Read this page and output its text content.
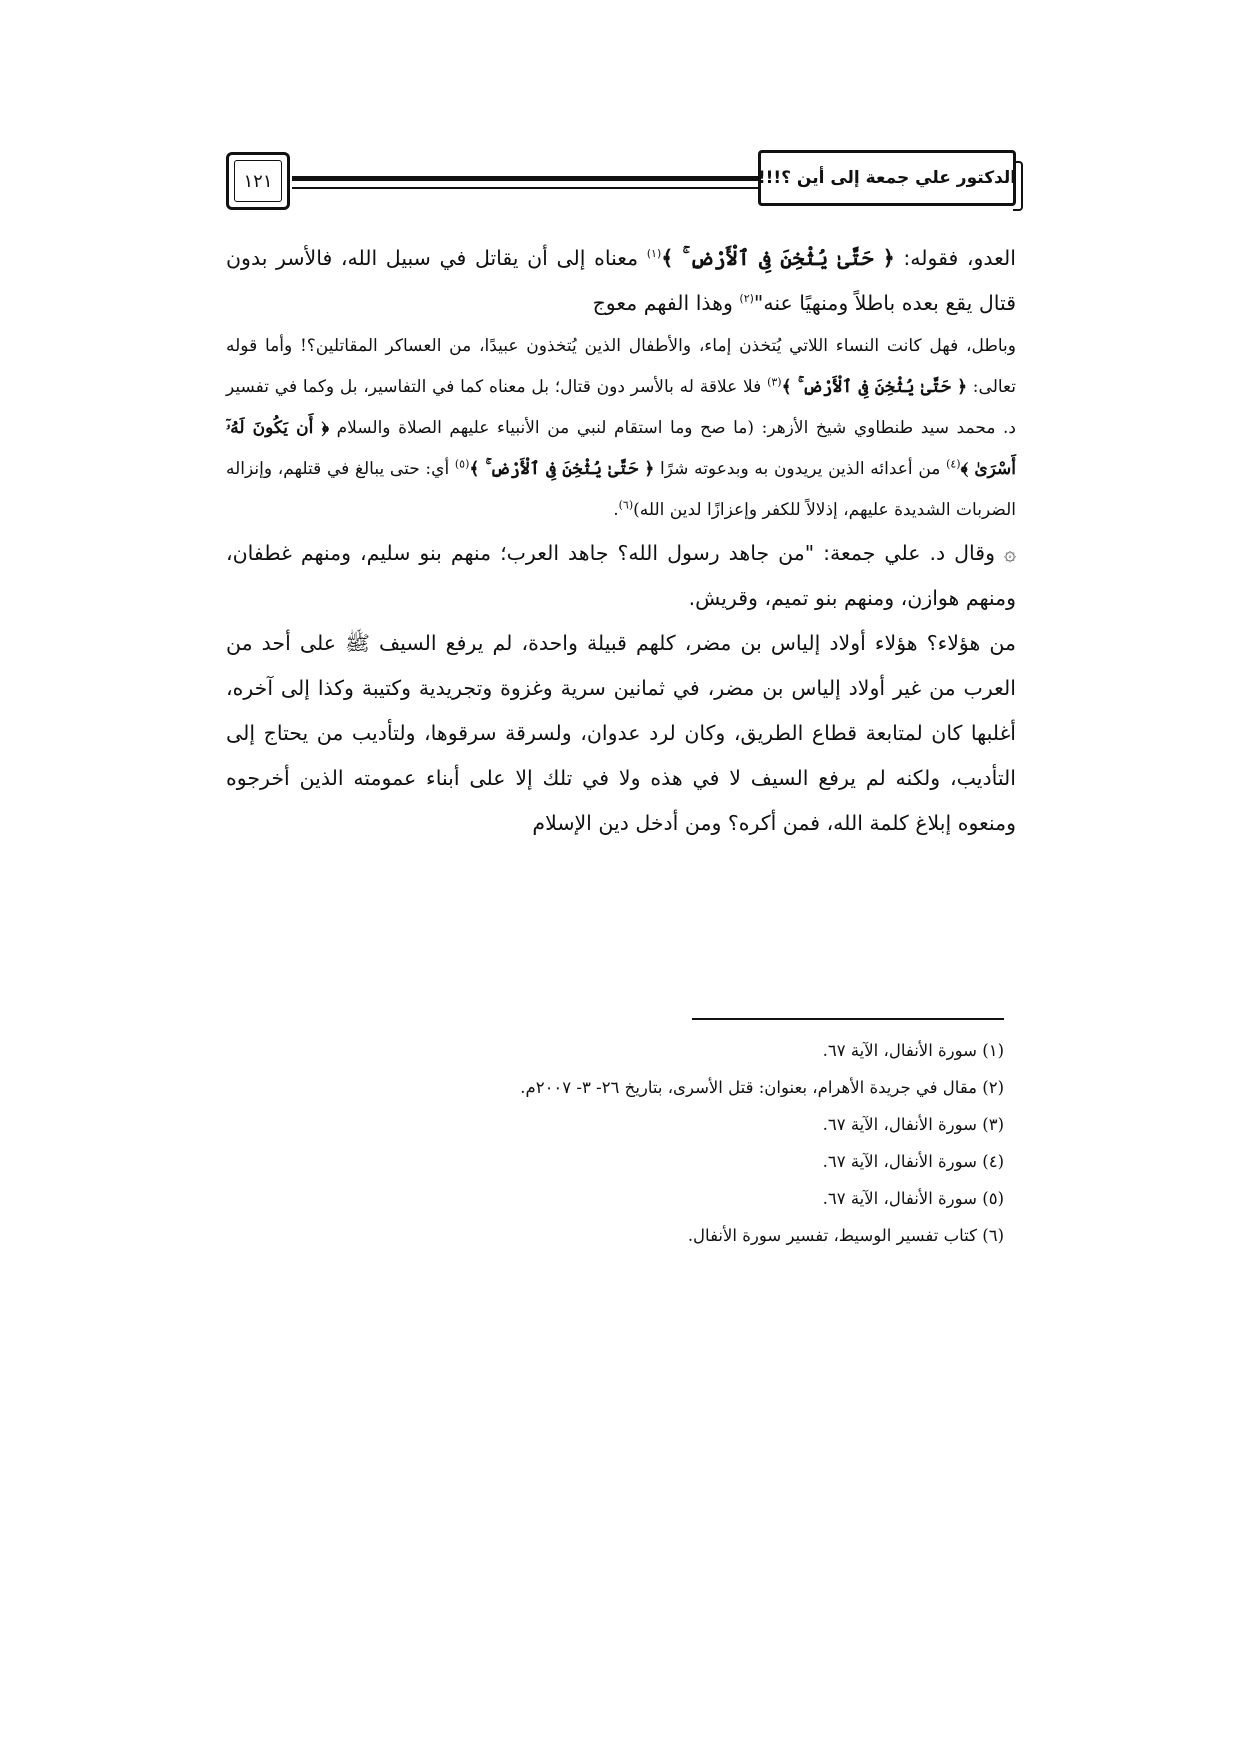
١٢١	الدكتور علي جمعة إلى أين ؟!!!

العدو، فقوله: ﴿ حَتَّىٰ يُثْخِنَ فِى ٱلْأَرْضِ ۚ ﴾$^{(١)}$ معناه إلى أن يقاتل في سبيل الله، فالأسر بدون قتال يقع بعده باطلاً ومنهيًا عنه"$^{(٢)}$ وهذا الفهم معوج

وباطل، فهل كانت النساء اللاتي يُتخذن إماء، والأطفال الذين يُتخذون عبيدًا، من العساكر المقاتلين؟! وأما قوله تعالى: ﴿ حَتَّىٰ يُثْخِنَ فِى ٱلْأَرْضِ ۚ ﴾$^{(٣)}$ فلا علاقة له بالأسر دون قتال؛ بل معناه كما في التفاسير، بل وكما في تفسير د. محمد سيد طنطاوي شيخ الأزهر: (ما صح وما استقام لنبي من الأنبياء عليهم الصلاة والسلام ﴿ أَن يَكُونَ لَهُۥٓ أَسْرَىٰ ﴾$^{(٤)}$ من أعدائه الذين يريدون به وبدعوته شرًا ﴿ حَتَّىٰ يُثْخِنَ فِى ٱلْأَرْضِ ۚ ﴾$^{(٥)}$ أي: حتى يبالغ في قتلهم، وإنزاله الضربات الشديدة عليهم، إذلالاً للكفر وإعزازًا لدين الله)$^{(٦)}$.

۞ وقال د. علي جمعة: "من جاهد رسول الله؟ جاهد العرب؛ منهم بنو سليم، ومنهم غطفان، ومنهم هوازن، ومنهم بنو تميم، وقريش.

من هؤلاء؟ هؤلاء أولاد إلياس بن مضر، كلهم قبيلة واحدة، لم يرفع السيف ﷺ على أحد من العرب من غير أولاد إلياس بن مضر، في ثمانين سرية وغزوة وتجريدية وكتيبة وكذا إلى آخره، أغلبها كان لمتابعة قطاع الطريق، وكان لرد عدوان، ولسرقة سرقوها، ولتأديب من يحتاج إلى التأديب، ولكنه لم يرفع السيف لا في هذه ولا في تلك إلا على أبناء عمومته الذين أخرجوه ومنعوه إبلاغ كلمة الله، فمن أكره؟ ومن أدخل دين الإسلام

(١) سورة الأنفال، الآية ٦٧.

(٢) مقال في جريدة الأهرام، بعنوان: قتل الأسرى، بتاريخ ٢٦- ٣- ٢٠٠٧م.

(٣) سورة الأنفال، الآية ٦٧.

(٤) سورة الأنفال، الآية ٦٧.

(٥) سورة الأنفال، الآية ٦٧.

(٦) كتاب تفسير الوسيط، تفسير سورة الأنفال.
